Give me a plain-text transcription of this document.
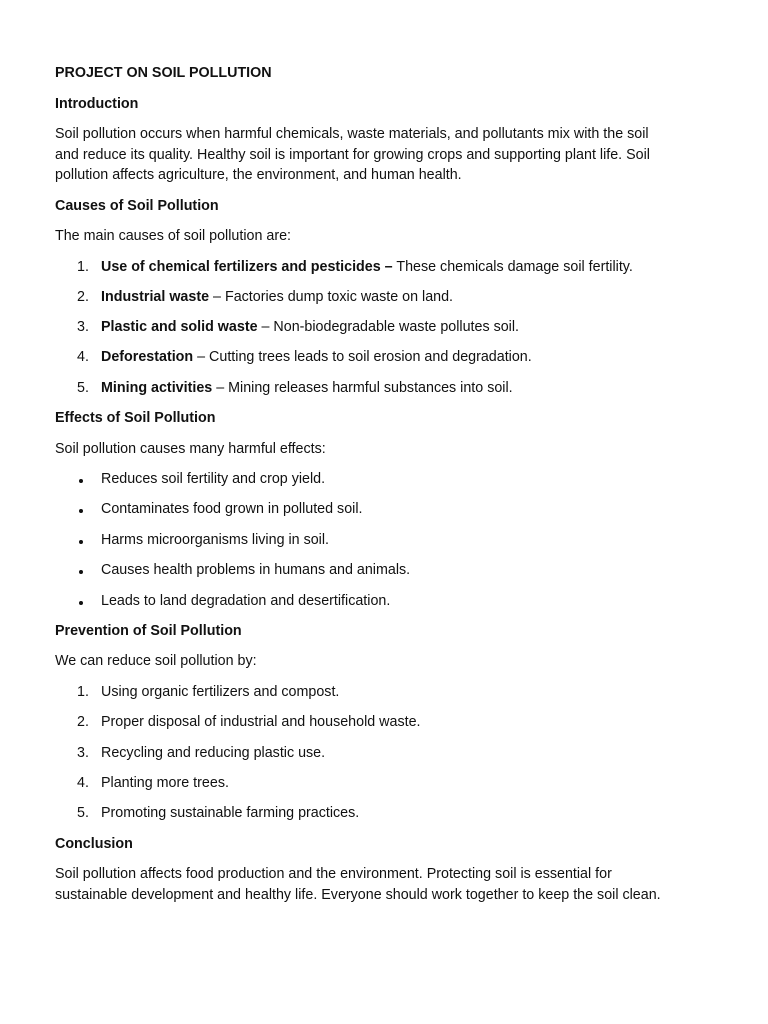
PROJECT ON SOIL POLLUTION
Introduction
Soil pollution occurs when harmful chemicals, waste materials, and pollutants mix with the soil
and reduce its quality. Healthy soil is important for growing crops and supporting plant life. Soil
pollution affects agriculture, the environment, and human health.
Causes of Soil Pollution
The main causes of soil pollution are:
1. Use of chemical fertilizers and pesticides – These chemicals damage soil fertility.
2. Industrial waste – Factories dump toxic waste on land.
3. Plastic and solid waste – Non-biodegradable waste pollutes soil.
4. Deforestation – Cutting trees leads to soil erosion and degradation.
5. Mining activities – Mining releases harmful substances into soil.
Effects of Soil Pollution
Soil pollution causes many harmful effects:
Reduces soil fertility and crop yield.
Contaminates food grown in polluted soil.
Harms microorganisms living in soil.
Causes health problems in humans and animals.
Leads to land degradation and desertification.
Prevention of Soil Pollution
We can reduce soil pollution by:
1. Using organic fertilizers and compost.
2. Proper disposal of industrial and household waste.
3. Recycling and reducing plastic use.
4. Planting more trees.
5. Promoting sustainable farming practices.
Conclusion
Soil pollution affects food production and the environment. Protecting soil is essential for
sustainable development and healthy life. Everyone should work together to keep the soil clean.
